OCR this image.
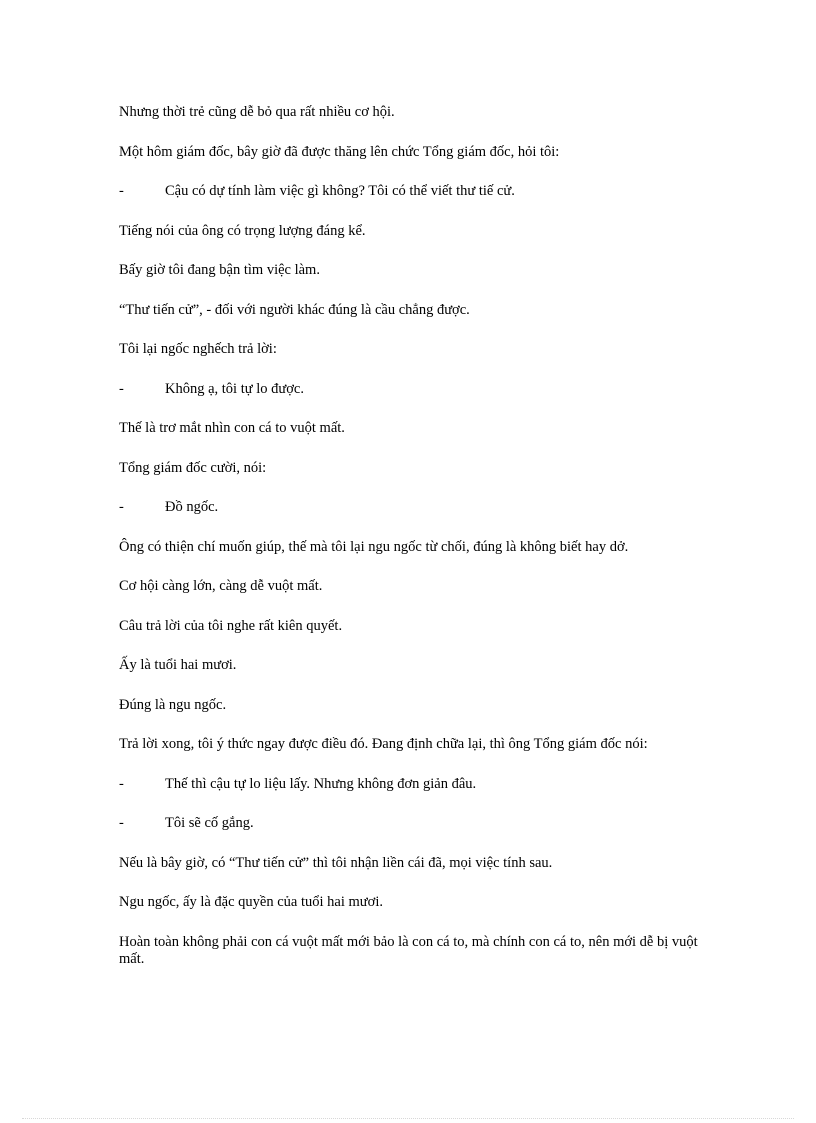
Nhưng thời trẻ cũng dễ bỏ qua rất nhiều cơ hội.

Một hôm giám đốc, bây giờ đã được thăng lên chức Tổng giám đốc, hỏi tôi:

-	Cậu có dự tính làm việc gì không? Tôi có thể viết thư tiế cử.

Tiếng nói của ông có trọng lượng đáng kể.

Bấy giờ tôi đang bận tìm việc làm.

“Thư tiến cử”, - đối với người khác đúng là cầu chẳng được.

Tôi lại ngốc nghếch trả lời:

-	Không ạ, tôi tự lo được.

Thế là trơ mắt nhìn con cá to vuột mất.

Tổng giám đốc cười, nói:

-	Đồ ngốc.

Ông có thiện chí muốn giúp, thế mà tôi lại ngu ngốc từ chối, đúng là không biết hay dở.

Cơ hội càng lớn, càng dễ vuột mất.

Câu trả lời của tôi nghe rất kiên quyết.

Ấy là tuổi hai mươi.

Đúng là ngu ngốc.

Trả lời xong, tôi ý thức ngay được điều đó. Đang định chữa lại, thì ông Tổng giám đốc nói:

-	Thế thì cậu tự lo liệu lấy. Nhưng không đơn giản đâu.
-	Tôi sẽ cố gắng.

Nếu là bây giờ, có “Thư tiến cử” thì tôi nhận liền cái đã, mọi việc tính sau.

Ngu ngốc, ấy là đặc quyền của tuổi hai mươi.

Hoàn toàn không phải con cá vuột mất mới bảo là con cá to, mà chính con cá to, nên mới dễ bị vuột mất.
